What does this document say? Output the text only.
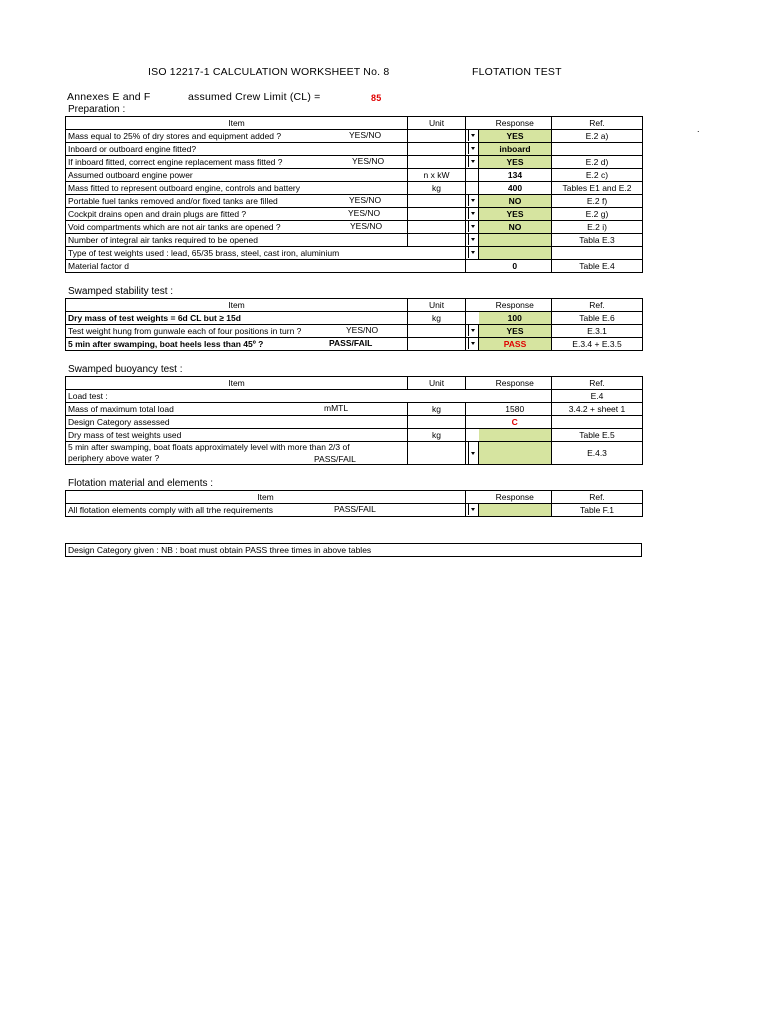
ISO 12217-1 CALCULATION WORKSHEET No. 8	FLOTATION TEST
Annexes E and F	assumed Crew Limit (CL) =	85
Preparation :
.
Item	Unit		Response	Ref.
Mass equal to 25% of dry stores and equipment added ? YES/NO			YES	E.2 a)
Inboard or outboard engine fitted?			inboard	
If inboard fitted, correct engine replacement mass fitted ? YES/NO			YES	E.2 d)
Assumed outboard engine power	n x kW		134	E.2 c)
Mass fitted to represent outboard engine, controls and battery	kg		400	Tables E1 and E.2
Portable fuel tanks removed and/or fixed tanks are filled YES/NO			NO	E.2 f)
Cockpit drains open and drain plugs are fitted ? YES/NO			YES	E.2 g)
Void compartments which are not air tanks are opened ? YES/NO			NO	E.2 i)
Number of integral air tanks required to be opened				Tabla E.3
Type of test weights used : lead, 65/35 brass, steel, cast iron, aluminium		

Material factor d			0	Table E.4
Swamped stability test :
Item	Unit		Response	Ref.
Dry mass of test weights = 6d CL but ≥ 15d	kg		100	Table E.6
Test weight hung from gunwale each of four positions in turn ? YES/NO			YES	E.3.1
5 min after swamping, boat heels less than 45º ? PASS/FAIL			PASS	E.3.4 + E.3.5
Swamped buoyancy test :
Item	Unit		Response	Ref.
Load test :				E.4
Mass of maximum total load mMTL	kg		1580	3.4.2 + sheet 1
Design Category assessed			C	
Dry mass of test weights used	kg			Table E.5

5 min after swamping, boat floats approximately level with more than 2/3 of periphery above water ? PASS/FAIL				E.4.3
Flotation material and elements :
Item		Response	Ref.
All flotation elements comply with all trhe requirements PASS/FAIL			Table F.1
Design Category given : NB : boat must obtain PASS three times in above tables
